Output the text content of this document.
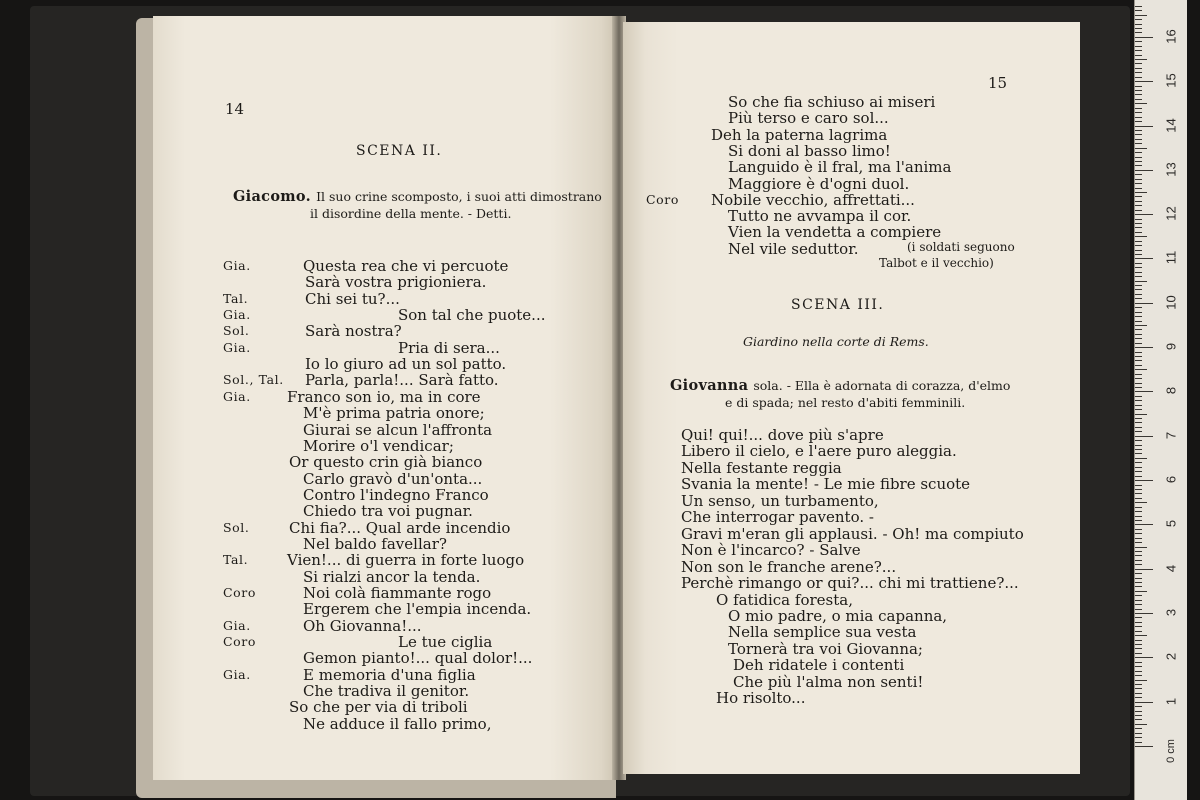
16
15
14
13
12
11
10
9
8
7
6
5
4
3
2
1
0 cm
14
SCENA II.
Giacomo. Il suo crine scomposto, i suoi atti dimostrano
il disordine della mente. - Detti.
Gia.	Questa rea che vi percuote
Sarà vostra prigioniera.
Tal.	Chi sei tu?...
Gia.	Son tal che puote...
Sol.	Sarà nostra?
Gia.	Pria di sera...
Io lo giuro ad un sol patto.
Sol., Tal. Parla, parla!... Sarà fatto.
Gia. Franco son io, ma in core
M'è prima patria onore;
Giurai se alcun l'affronta
Morire o'l vendicar;
Or questo crin già bianco
Carlo gravò d'un'onta...
Contro l'indegno Franco
Chiedo tra voi pugnar.
Sol.	Chi fia?... Qual arde incendio
Nel baldo favellar?
Tal.	Vien!... di guerra in forte luogo
Si rialzi ancor la tenda.
Coro	Noi colà fiammante rogo
Ergerem che l'empia incenda.
Gia.	Oh Giovanna!...
Coro	Le tue ciglia
Gemon pianto!... qual dolor!...
Gia.	E memoria d'una figlia
Che tradiva il genitor.
So che per via di triboli
Ne adduce il fallo primo,
15
So che fia schiuso ai miseri
Più terso e caro sol...
Deh la paterna lagrima
Si doni al basso limo!
Languido è il fral, ma l'anima
Maggiore è d'ogni duol.
Coro Nobile vecchio, affrettati...
Tutto ne avvampa il cor.
Vien la vendetta a compiere
Nel vile seduttor.	(i soldati seguono
Talbot e il vecchio)
SCENA III.
Giardino nella corte di Rems.
Giovanna sola. - Ella è adornata di corazza, d'elmo
e di spada; nel resto d'abiti femminili.
Qui! qui!... dove più s'apre
Libero il cielo, e l'aere puro aleggia.
Nella festante reggia
Svania la mente! - Le mie fibre scuote
Un senso, un turbamento,
Che interrogar pavento. -
Gravi m'eran gli applausi. - Oh! ma compiuto
Non è l'incarco? - Salve
Non son le franche arene?...
Perchè rimango or qui?... chi mi trattiene?...
O fatidica foresta,
O mio padre, o mia capanna,
Nella semplice sua vesta
Tornerà tra voi Giovanna;
Deh ridatele i contenti
Che più l'alma non senti!
Ho risolto...
